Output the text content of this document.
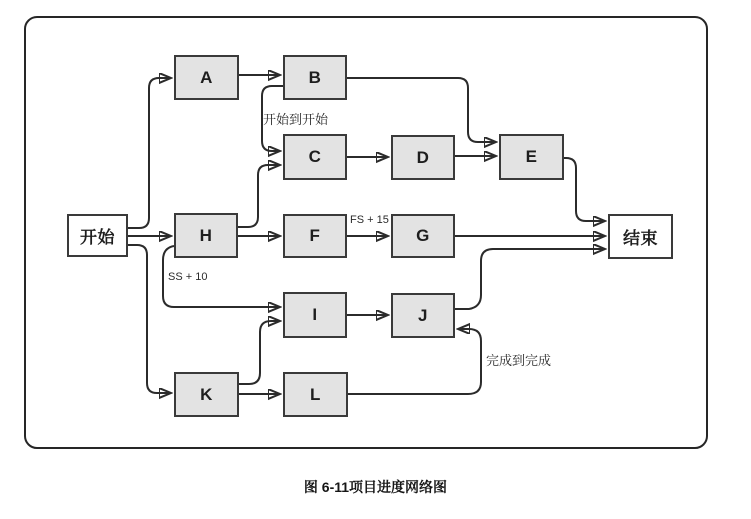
开始
A	B
C	D	E
H	F	G
I	J
K	L
结束
开始到开始
FS + 15
SS + 10
完成到完成
图 6-11项目进度网络图
